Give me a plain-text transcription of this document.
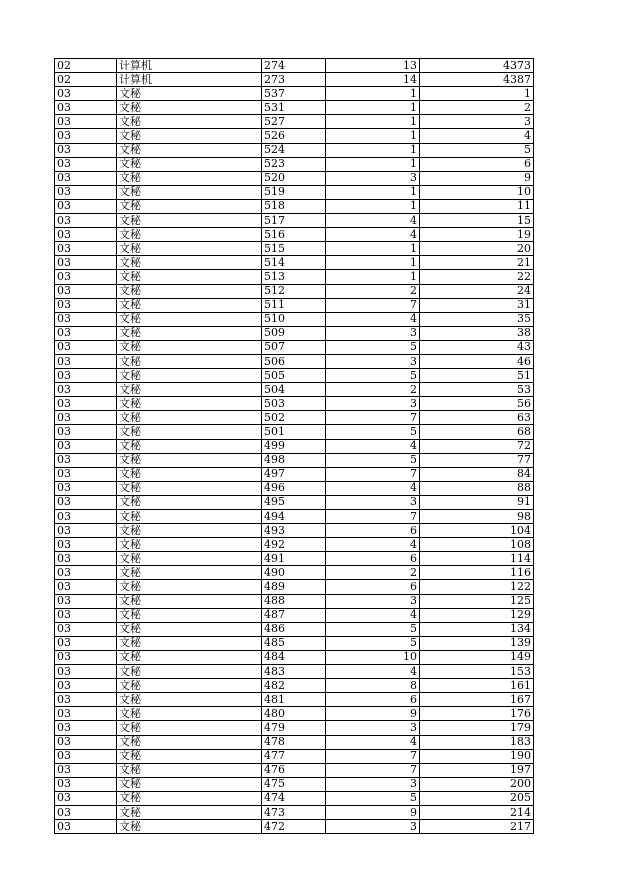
02	计算机	274	13	4373
02	计算机	273	14	4387
03	文秘	537	1	1
03	文秘	531	1	2
03	文秘	527	1	3
03	文秘	526	1	4
03	文秘	524	1	5
03	文秘	523	1	6
03	文秘	520	3	9
03	文秘	519	1	10
03	文秘	518	1	11
03	文秘	517	4	15
03	文秘	516	4	19
03	文秘	515	1	20
03	文秘	514	1	21
03	文秘	513	1	22
03	文秘	512	2	24
03	文秘	511	7	31
03	文秘	510	4	35
03	文秘	509	3	38
03	文秘	507	5	43
03	文秘	506	3	46
03	文秘	505	5	51
03	文秘	504	2	53
03	文秘	503	3	56
03	文秘	502	7	63
03	文秘	501	5	68
03	文秘	499	4	72
03	文秘	498	5	77
03	文秘	497	7	84
03	文秘	496	4	88
03	文秘	495	3	91
03	文秘	494	7	98
03	文秘	493	6	104
03	文秘	492	4	108
03	文秘	491	6	114
03	文秘	490	2	116
03	文秘	489	6	122
03	文秘	488	3	125
03	文秘	487	4	129
03	文秘	486	5	134
03	文秘	485	5	139
03	文秘	484	10	149
03	文秘	483	4	153
03	文秘	482	8	161
03	文秘	481	6	167
03	文秘	480	9	176
03	文秘	479	3	179
03	文秘	478	4	183
03	文秘	477	7	190
03	文秘	476	7	197
03	文秘	475	3	200
03	文秘	474	5	205
03	文秘	473	9	214
03	文秘	472	3	217
